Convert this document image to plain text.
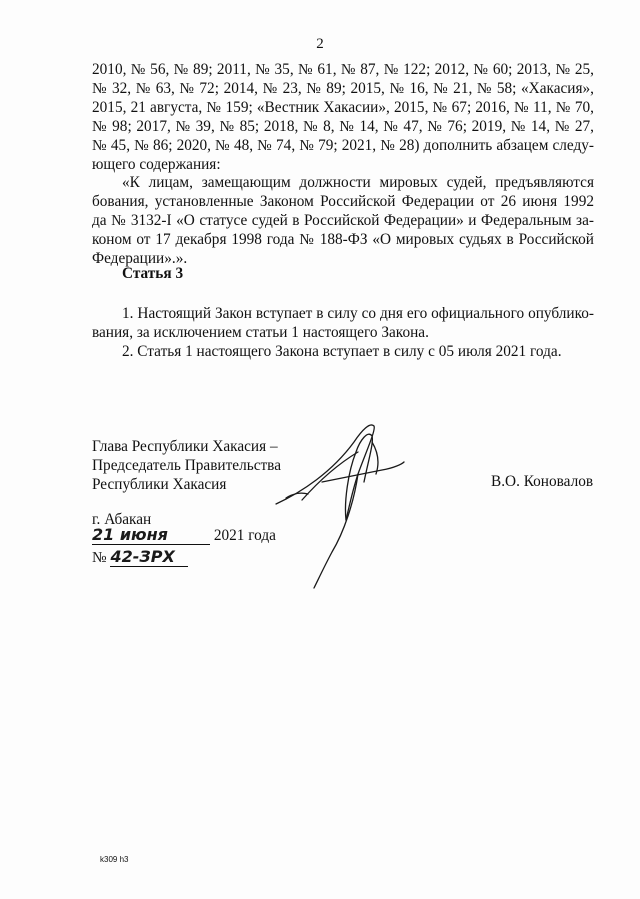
2
2010, № 56, № 89; 2011, № 35, № 61, № 87, № 122; 2012, № 60; 2013, № 25,
№ 32, № 63, № 72; 2014, № 23, № 89; 2015, № 16, № 21, № 58; «Хакасия»,
2015, 21 августа, № 159; «Вестник Хакасии», 2015, № 67; 2016, № 11, № 70,
№ 98; 2017, № 39, № 85; 2018, № 8, № 14, № 47, № 76; 2019, № 14, № 27,
№ 45, № 86; 2020, № 48, № 74, № 79; 2021, № 28) дополнить абзацем следу-
ющего содержания:
«К лицам, замещающим должности мировых судей, предъявляются
бования, установленные Законом Российской Федерации от 26 июня 1992
да № 3132-I «О статусе судей в Российской Федерации» и Федеральным за-
коном от 17 декабря 1998 года № 188-ФЗ «О мировых судьях в Российской
Федерации».».
Статья 3
1. Настоящий Закон вступает в силу со дня его официального опублико-
вания, за исключением статьи 1 настоящего Закона.
2. Статья 1 настоящего Закона вступает в силу с 05 июля 2021 года.
Глава Республики Хакасия –
Председатель Правительства
Республики Хакасия	В.О. Коновалов
г. Абакан
21 июня	2021 года
№ 42-ЗРХ
k309 h3
